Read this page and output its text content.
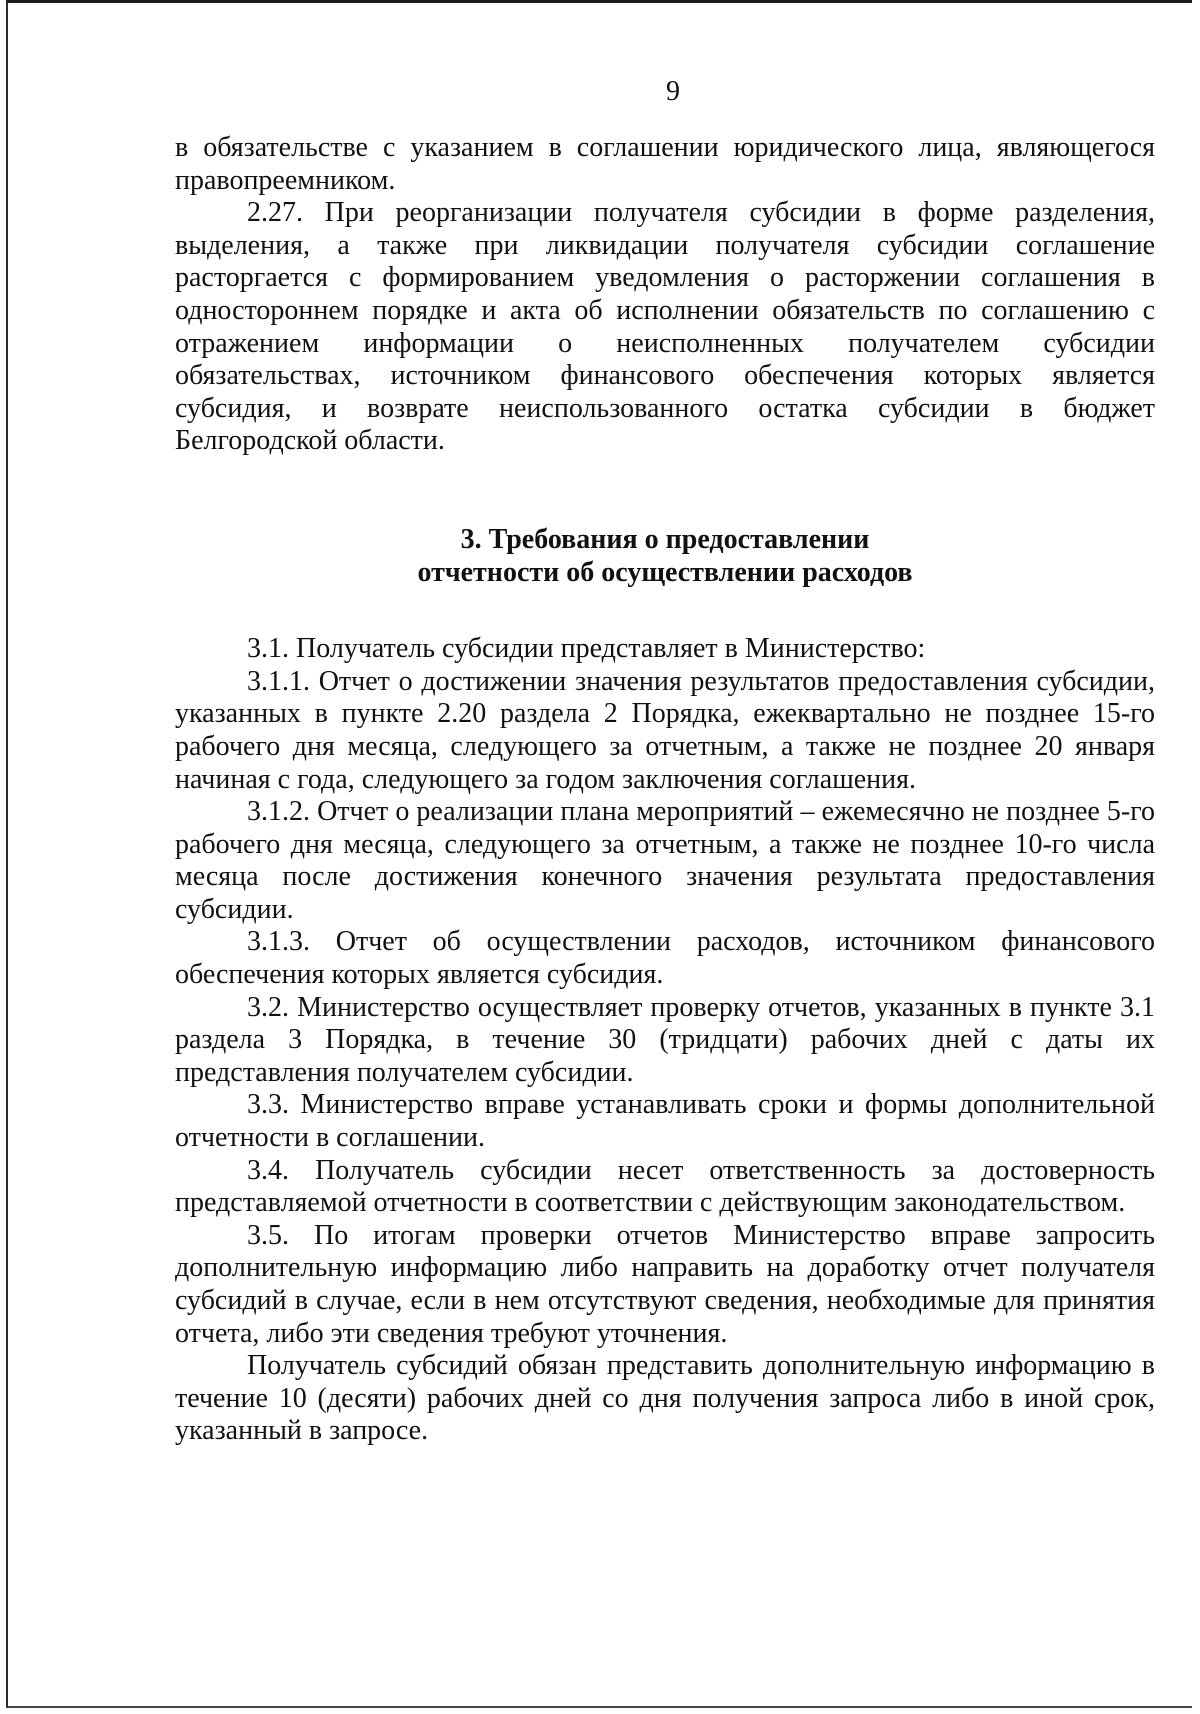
9

в обязательстве с указанием в соглашении юридического лица, являющегося правопреемником.

2.27. При реорганизации получателя субсидии в форме разделения, выделения, а также при ликвидации получателя субсидии соглашение расторгается с формированием уведомления о расторжении соглашения в одностороннем порядке и акта об исполнении обязательств по соглашению с отражением информации о неисполненных получателем субсидии обязательствах, источником финансового обеспечения которых является субсидия, и возврате неиспользованного остатка субсидии в бюджет Белгородской области.

3. Требования о предоставлении
отчетности об осуществлении расходов

3.1. Получатель субсидии представляет в Министерство:

3.1.1. Отчет о достижении значения результатов предоставления субсидии, указанных в пункте 2.20 раздела 2 Порядка, ежеквартально не позднее 15-го рабочего дня месяца, следующего за отчетным, а также не позднее 20 января начиная с года, следующего за годом заключения соглашения.

3.1.2. Отчет о реализации плана мероприятий – ежемесячно не позднее 5-го рабочего дня месяца, следующего за отчетным, а также не позднее 10-го числа месяца после достижения конечного значения результата предоставления субсидии.

3.1.3. Отчет об осуществлении расходов, источником финансового обеспечения которых является субсидия.

3.2. Министерство осуществляет проверку отчетов, указанных в пункте 3.1 раздела 3 Порядка, в течение 30 (тридцати) рабочих дней с даты их представления получателем субсидии.

3.3. Министерство вправе устанавливать сроки и формы дополнительной отчетности в соглашении.

3.4. Получатель субсидии несет ответственность за достоверность представляемой отчетности в соответствии с действующим законодательством.

3.5. По итогам проверки отчетов Министерство вправе запросить дополнительную информацию либо направить на доработку отчет получателя субсидий в случае, если в нем отсутствуют сведения, необходимые для принятия отчета, либо эти сведения требуют уточнения.

Получатель субсидий обязан представить дополнительную информацию в течение 10 (десяти) рабочих дней со дня получения запроса либо в иной срок, указанный в запросе.
